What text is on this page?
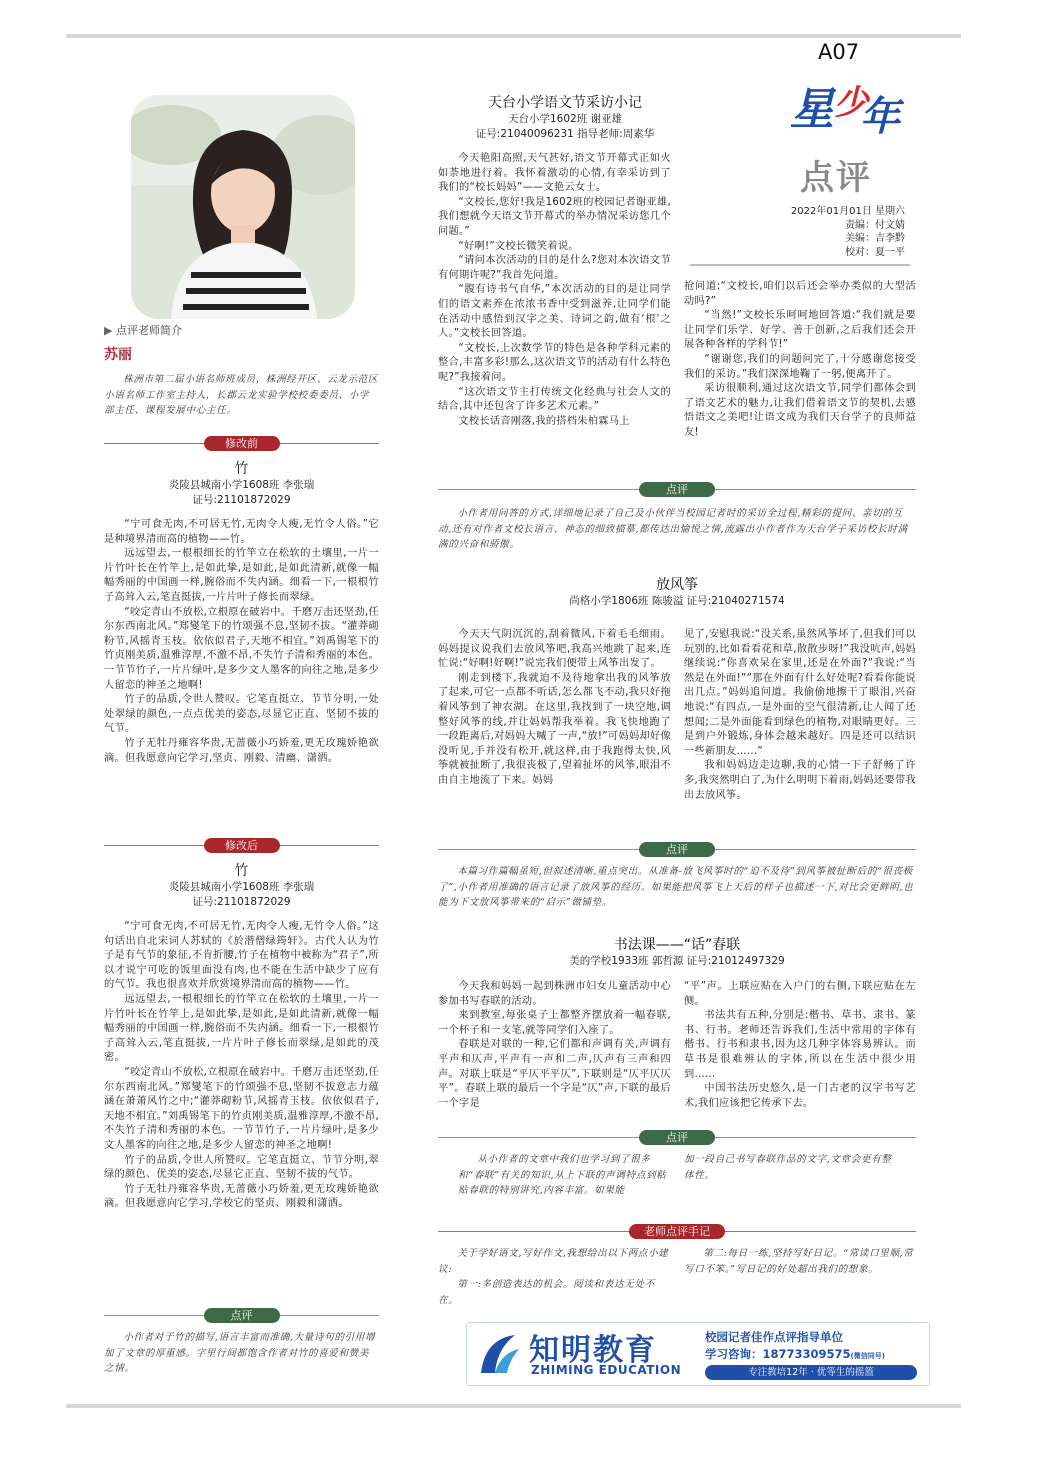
A07
星 少
年
点评
2022年01月01日 星期六
责编：付文婧
美编：吉李黔
校对：夏一平
▶ 点评老师简介
苏丽

株洲市第二届小语名师班成员，株洲经开区、云龙示范区小语名师工作室主持人，长郡云龙实验学校校委委员、小学部主任、课程发展中心主任。

修改前
竹
炎陵县城南小学1608班 李张瑞
证号:21101872029

“宁可食无肉,不可居无竹,无肉令人瘦,无竹令人俗。”它是种境界清而高的植物——竹。

远远望去,一根根细长的竹竿立在松软的土壤里,一片一片竹叶长在竹竿上,是如此挚,是如此,是如此清新,就像一幅幅秀丽的中国画一样,腕俗而不失内涵。细看一下,一根根竹子高耸入云,笔直挺拔,一片片叶子修长而翠绿。

“咬定青山不放松,立根原在破岩中。千磨万击还坚劲,任尔东西南北风。”郑燮笔下的竹颂强不息,坚韧不拔。“灌莽砌粉节,风摇青玉枝。依依似君子,天地不相宜。”刘禹锡笔下的竹贞刚美质,温雅淳厚,不激不昂,不失竹子清和秀丽的本色。一节节竹子,一片片绿叶,是多少文人墨客的向往之地,是多少人留恋的神圣之地啊!

竹子的品质,令世人赞叹。它笔直挺立、节节分明,一处处翠绿的颜色,一点点优美的姿态,尽显它正直、坚韧不拔的气节。

竹子无牡丹雍容华贵,无蔷薇小巧娇羞,更无玫瑰娇艳欲滴。但我愿意向它学习,坚贞、刚毅、清幽、潇洒。

修改后
竹
炎陵县城南小学1608班 李张瑞
证号:21101872029

“宁可食无肉,不可居无竹,无肉令人瘦,无竹令人俗。”这句话出自北宋词人苏轼的《於潜僧绿筠轩》。古代人认为竹子是有气节的象征,不肯折腰,竹子在植物中被称为“君子”,所以才说宁可吃的饭里面没有肉,也不能在生活中缺少了应有的气节。我也很喜欢并欣赏境界清而高的植物——竹。

远远望去,一根根细长的竹竿立在松软的土壤里,一片一片竹叶长在竹竿上,是如此挚,是如此,是如此清新,就像一幅幅秀丽的中国画一样,腕俗而不失内涵。细看一下,一根根竹子高耸入云,笔直挺拔,一片片叶子修长而翠绿,是如此的茂密。

“咬定青山不放松,立根原在破岩中。千磨万击还坚劲,任尔东西南北风。”郑燮笔下的竹颂强不息,坚韧不拔意志力蕴涵在萧萧风竹之中;“灌莽砌粉节,风摇青玉枝。依依似君子,天地不相宜。”刘禹锡笔下的竹贞刚美质,温雅淳厚,不激不昂,不失竹子清和秀丽的本色。一节节竹子,一片片绿叶,是多少文人墨客的向往之地,是多少人留恋的神圣之地啊!

竹子的品质,令世人所赞叹。它笔直挺立、节节分明,翠绿的颜色、优美的姿态,尽显它正直、坚韧不拔的气节。

竹子无牡丹雍容华贵,无蔷薇小巧娇羞,更无玫瑰娇艳欲滴。但我愿意向它学习,学校它的坚贞、刚毅和潇洒。

点评

小作者对于竹的描写,语言丰富而准确,大量诗句的引用增加了文章的厚重感。字里行间都饱含作者对竹的喜爱和赞美之情。

天台小学语文节采访小记
天台小学1602班 谢亚雄
证号:21040096231 指导老师:周素华

今天艳阳高照,天气甚好,语文节开幕式正如火如荼地进行着。我怀着激动的心情,有幸采访到了我们的“校长妈妈”——文艳云女士。

“文校长,您好!我是1602班的校园记者谢亚雄,我们想就今天语文节开幕式的举办情况采访您几个问题。”

“好啊!”文校长微笑着说。

“请问本次活动的目的是什么?您对本次语文节有何期许呢?”我首先问道。

“腹有诗书气自华,”本次活动的目的是让同学们的语文素养在浓浓书香中受到滋养,让同学们能在活动中感悟到汉字之美、诗词之韵,做有‘根’之人。”文校长回答道。

“文校长,上次数学节的特色是各种学科元素的整合,丰富多彩!那么,这次语文节的活动有什么特色呢?”我接着问。

“这次语文节主打传统文化经典与社会人文的结合,其中还包含了许多艺术元素。”

文校长话音刚落,我的搭档朱柏霖马上

抢问道:“文校长,咱们以后还会举办类似的大型活动吗?”

“当然!”文校长乐呵呵地回答道:“我们就是要让同学们乐学、好学、善于创新,之后我们还会开展各种各样的学科节!”

“谢谢您,我们的问题问完了,十分感谢您接受我们的采访。”我们深深地鞠了一躬,便离开了。

采访很顺利,通过这次语文节,同学们都体会到了语文艺术的魅力,让我们借着语文节的契机,去感悟语文之美吧!让语文成为我们天台学子的良师益友!

点评

小作者用问答的方式,详细地记录了自己及小伙伴当校园记者时的采访全过程,精彩的提问、亲切的互动,还有对作者文校长语言、神态的细致描摹,都传达出愉悦之情,流露出小作者作为天台学子采访校长时满满的兴奋和骄傲。

放风筝
尚格小学1806班 陈骏溢 证号:21040271574

今天天气阴沉沉的,刮着微风,下着毛毛细雨。妈妈提议说我们去放风筝吧,我高兴地跳了起来,连忙说:“好啊!好啊!”说完我们便带上风筝出发了。

刚走到楼下,我就迫不及待地拿出我的风筝放了起来,可它一点都不听话,怎么都飞不动,我只好拖着风筝到了神农湖。在这里,我找到了一块空地,调整好风筝的线,并让妈妈帮我举着。我飞快地跑了一段距离后,对妈妈大喊了一声,“放!”可妈妈却好像没听见,手并没有松开,就这样,由于我跑得太快,风筝就被扯断了,我很丧极了,望着扯坏的风筝,眼泪不由自主地流了下来。妈妈

见了,安慰我说:“没关系,虽然风筝坏了,但我们可以玩别的,比如看看花和草,散散步呀!”我没吭声,妈妈继续说:“你喜欢呆在家里,还是在外面?”我说:“当然是在外面!”“那在外面有什么好处呢?看看你能说出几点。”妈妈追问道。我偷偷地擦干了眼泪,兴奋地说:“有四点,一是外面的空气很清新,让人闻了还想闻;二是外面能看到绿色的植物,对眼睛更好。三是到户外锻炼,身体会越来越好。四是还可以结识一些新朋友……”

我和妈妈边走边聊,我的心情一下子舒畅了许多,我突然明白了,为什么明明下着雨,妈妈还要带我出去放风筝。

点评

本篇习作篇幅虽短,但叙述清晰,重点突出。从准备-放飞风筝时的“迫不及待”到风筝被扯断后的“很丧极了”,小作者用准确的语言记录了放风筝的经历。如果能把风筝飞上天后的样子也描述一下,对比会更鲜明,也能为下文放风筝带来的“启示”做铺垫。

书法课——“话”春联
美的学校1933班 郭哲源 证号:21012497329

今天我和妈妈一起到株洲市妇女儿童活动中心参加书写春联的活动。

来到教室,每张桌子上都整齐摆放着一幅春联,一个杯子和一支笔,就等同学们入座了。

春联是对联的一种,它们都和声调有关,声调有平声和仄声,平声有一声和二声,仄声有三声和四声。对联上联是“平仄平平仄”,下联则是“仄平仄仄平”。春联上联的最后一个字是“仄”声,下联的最后一个字是

“平”声。上联应贴在入户门的右侧,下联应贴在左侧。

书法共有五种,分别是:楷书、草书、隶书、篆书、行书。老师还告诉我们,生活中常用的字体有楷书、行书和隶书,因为这几种字体容易辨认。而草书是很难辨认的字体,所以在生活中很少用到……

中国书法历史悠久,是一门古老的汉字书写艺术,我们应该把它传承下去。

点评

从小作者的文章中我们也学习到了很多和“春联”有关的知识,从上下联的声调特点到粘贴春联的特别讲究,内容丰富。如果能

加一段自己书写春联作品的文字,文章会更有整体性。

老师点评手记

关于学好语文,写好作文,我想给出以下两点小建议:

第一:多创造表达的机会。阅读和表达无处不在。

第二:每日一练,坚持写好日记。“常读口里顺,常写口不笨。”写日记的好处超出我们的想象。

知明教育
ZHIMING EDUCATION
校园记者佳作点评指导单位
学习咨询：18773309575(微信同号)
专注教培12年 · 优等生的摇篮
